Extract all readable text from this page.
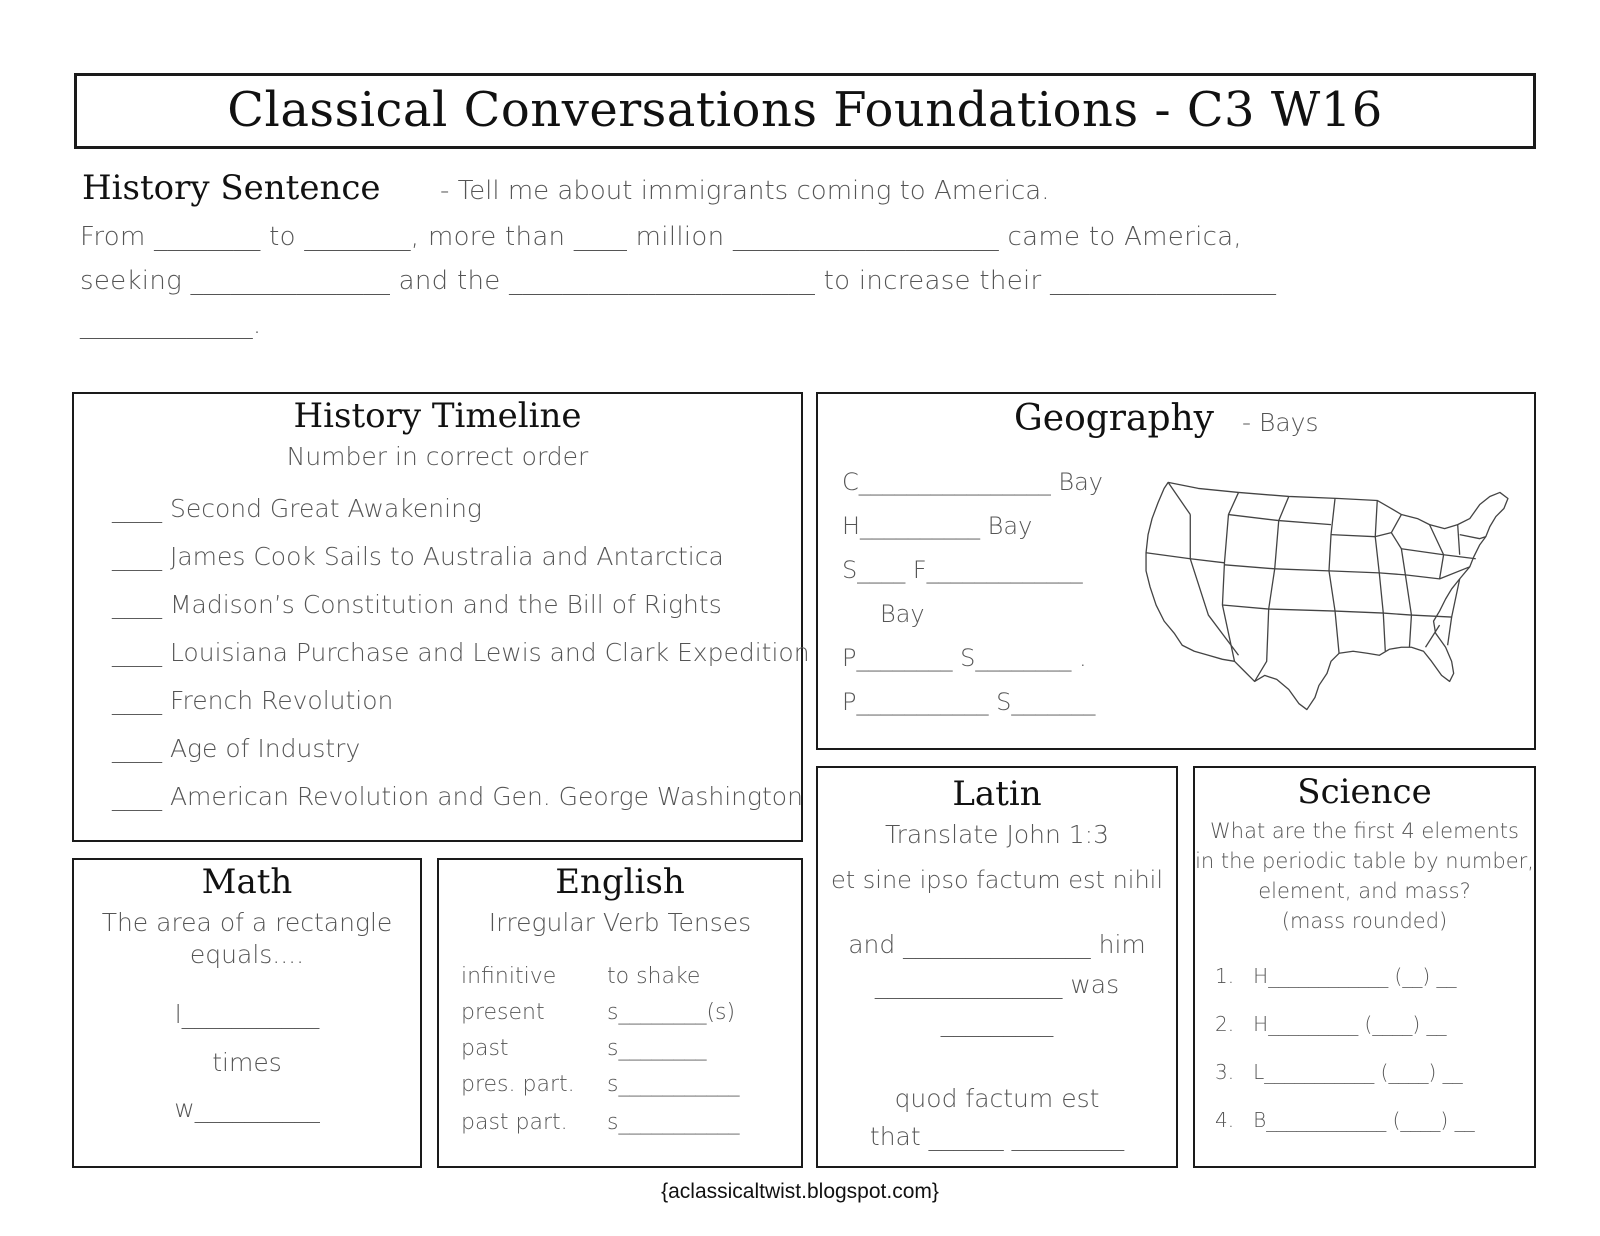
Classical Conversations Foundations - C3 W16
History Sentence - Tell me about immigrants coming to America.
From ________ to ________, more than ____ million ____________________ came to America,
seeking _______________ and the _______________________ to increase their _________________
_____________.
History Timeline
Number in correct order
____ Second Great Awakening
____ James Cook Sails to Australia and Antarctica
____ Madison’s Constitution and the Bill of Rights
____ Louisiana Purchase and Lewis and Clark Expedition
____ French Revolution
____ Age of Industry
____ American Revolution and Gen. George Washington
Geography - Bays
C________________ Bay
H__________ Bay
S____ F_____________
Bay
P________ S________ .
P___________ S_______
Math
The area of a rectangle
equals....
l___________
times
w__________
English
Irregular Verb Tenses
infinitive to shake
present	s________(s)
past	s________
pres. part. s___________
past part. s___________
Latin
Translate John 1:3
et sine ipso factum est nihil
and _______________ him
_______________ was
_________
quod factum est
that ______ _________
Science
What are the first 4 elements
in the periodic table by number,
element, and mass?
(mass rounded)
1.   H____________ (__) __
2.   H_________ (____) __
3.   L___________ (____) __
4.   B____________ (____) __
{aclassicaltwist.blogspot.com}
